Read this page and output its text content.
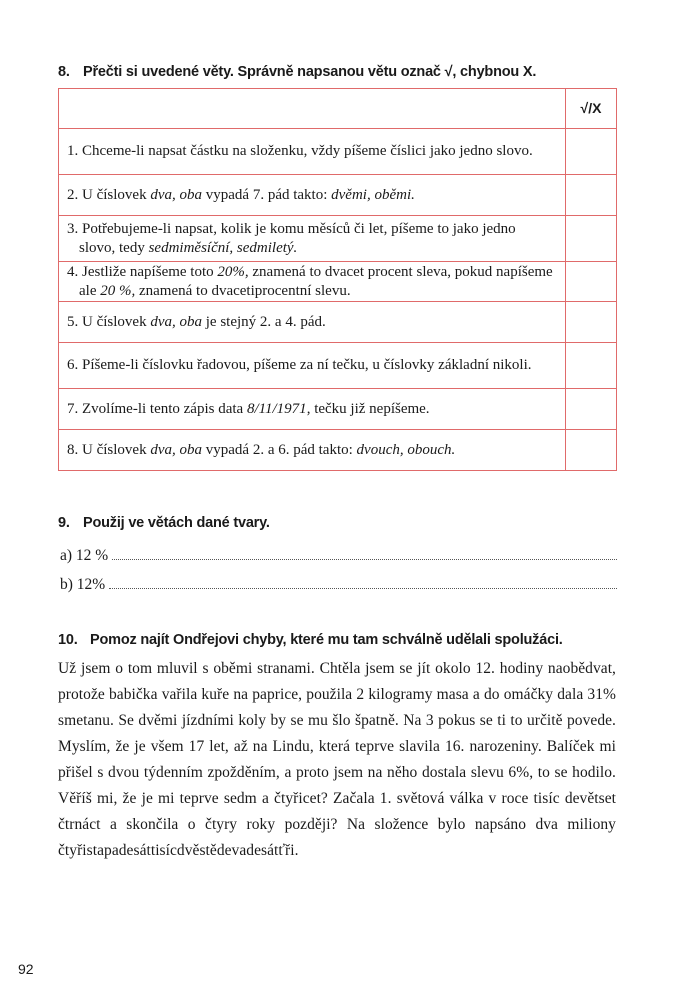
8. Přečti si uvedené věty. Správně napsanou větu označ √, chybnou X.
	√/X

1. Chceme-li napsat částku na složenku, vždy píšeme číslici jako jedno slovo.	

2. U číslovek dva, oba vypadá 7. pád takto: dvěmi, oběmi.	

3. Potřebujeme-li napsat, kolik je komu měsíců či let, píšeme to jako jedno slovo, tedy sedmiměsíční, sedmiletý.	

4. Jestliže napíšeme toto 20%, znamená to dvacet procent sleva, pokud napíšeme ale 20 %, znamená to dvacetiprocentní slevu.	

5. U číslovek dva, oba je stejný 2. a 4. pád.	

6. Píšeme-li číslovku řadovou, píšeme za ní tečku, u číslovky základní nikoli.	

7. Zvolíme-li tento zápis data 8/11/1971, tečku již nepíšeme.	

8. U číslovek dva, oba vypadá 2. a 6. pád takto: dvouch, obouch.	

9. Použij ve větách dané tvary.
a) 12 %
b) 12%
10. Pomoz najít Ondřejovi chyby, které mu tam schválně udělali spolužáci.

Už jsem o tom mluvil s oběmi stranami. Chtěla jsem se jít okolo 12. hodiny naobědvat, protože babička vařila kuře na paprice, použila 2 kilogramy masa a do omáčky dala 31% smetanu. Se dvěmi jízdními koly by se mu šlo špatně. Na 3 pokus se ti to určitě povede. Myslím, že je všem 17 let, až na Lindu, která teprve slavila 16. narozeniny. Balíček mi přišel s dvou týdenním zpožděním, a proto jsem na něho dostala slevu 6%, to se hodilo. Věříš mi, že je mi teprve sedm a čtyřicet? Začala 1. světová válka v roce tisíc devětset čtrnáct a skončila o čtyry roky později? Na složence bylo napsáno dva miliony čtyřistapadesáttisícdvěstědevadesátťři.

92
